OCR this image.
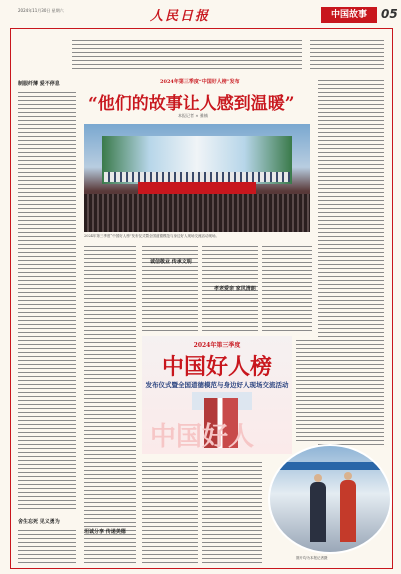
2024年11月30日 星期六	人民日报	中国故事	05
2024年第三季度“中国好人榜”发布
“他们的故事让人感到温暖”
本报记者 × 雅楠
制服纤薄 爱不停息
舍生忘死 见义勇为
2024年第三季度“中国好人榜”发布仪式暨全国道德模范与身边好人现场交流活动现场。
诚信敬业 传承文明
孝老爱亲 家风清朗
坦诚分享 传递美德
2024年第三季度
中国好人榜
发布仪式暨全国道德模范与身边好人现场交流活动
中国好人
图片均为本报记者摄
